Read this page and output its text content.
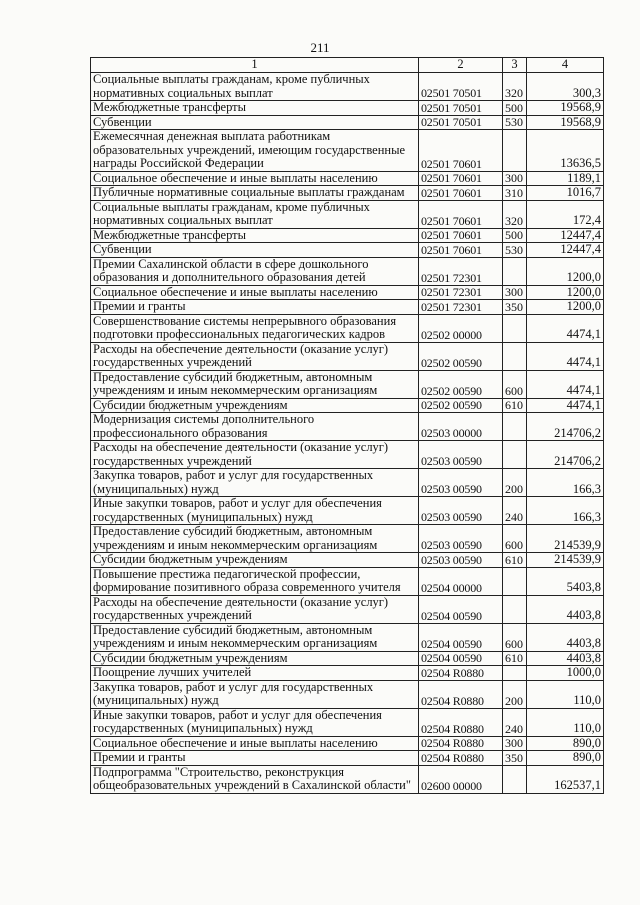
211
1	2	3	4
Социальные выплаты гражданам, кроме публичных нормативных социальных выплат	02501 70501	320	300,3
Межбюджетные трансферты	02501 70501	500	19568,9
Субвенции	02501 70501	530	19568,9
Ежемесячная денежная выплата работникам образовательных учреждений, имеющим государственные награды Российской Федерации	02501 70601		13636,5
Социальное обеспечение и иные выплаты населению	02501 70601	300	1189,1
Публичные нормативные социальные выплаты гражданам	02501 70601	310	1016,7
Социальные выплаты гражданам, кроме публичных нормативных социальных выплат	02501 70601	320	172,4
Межбюджетные трансферты	02501 70601	500	12447,4
Субвенции	02501 70601	530	12447,4
Премии Сахалинской области в сфере дошкольного образования и дополнительного образования детей	02501 72301		1200,0
Социальное обеспечение и иные выплаты населению	02501 72301	300	1200,0
Премии и гранты	02501 72301	350	1200,0
Совершенствование системы непрерывного образования подготовки профессиональных педагогических кадров	02502 00000		4474,1
Расходы на обеспечение деятельности (оказание услуг) государственных учреждений	02502 00590		4474,1
Предоставление субсидий бюджетным, автономным учреждениям и иным некоммерческим организациям	02502 00590	600	4474,1
Субсидии бюджетным учреждениям	02502 00590	610	4474,1
Модернизация системы дополнительного профессионального образования	02503 00000		214706,2
Расходы на обеспечение деятельности (оказание услуг) государственных учреждений	02503 00590		214706,2
Закупка товаров, работ и услуг для государственных (муниципальных) нужд	02503 00590	200	166,3
Иные закупки товаров, работ и услуг для обеспечения государственных (муниципальных) нужд	02503 00590	240	166,3
Предоставление субсидий бюджетным, автономным учреждениям и иным некоммерческим организациям	02503 00590	600	214539,9
Субсидии бюджетным учреждениям	02503 00590	610	214539,9
Повышение престижа педагогической профессии, формирование позитивного образа современного учителя	02504 00000		5403,8
Расходы на обеспечение деятельности (оказание услуг) государственных учреждений	02504 00590		4403,8
Предоставление субсидий бюджетным, автономным учреждениям и иным некоммерческим организациям	02504 00590	600	4403,8
Субсидии бюджетным учреждениям	02504 00590	610	4403,8
Поощрение лучших учителей	02504 R0880		1000,0
Закупка товаров, работ и услуг для государственных (муниципальных) нужд	02504 R0880	200	110,0
Иные закупки товаров, работ и услуг для обеспечения государственных (муниципальных) нужд	02504 R0880	240	110,0
Социальное обеспечение и иные выплаты населению	02504 R0880	300	890,0
Премии и гранты	02504 R0880	350	890,0
Подпрограмма "Строительство, реконструкция общеобразовательных учреждений в Сахалинской области"	02600 00000		162537,1
